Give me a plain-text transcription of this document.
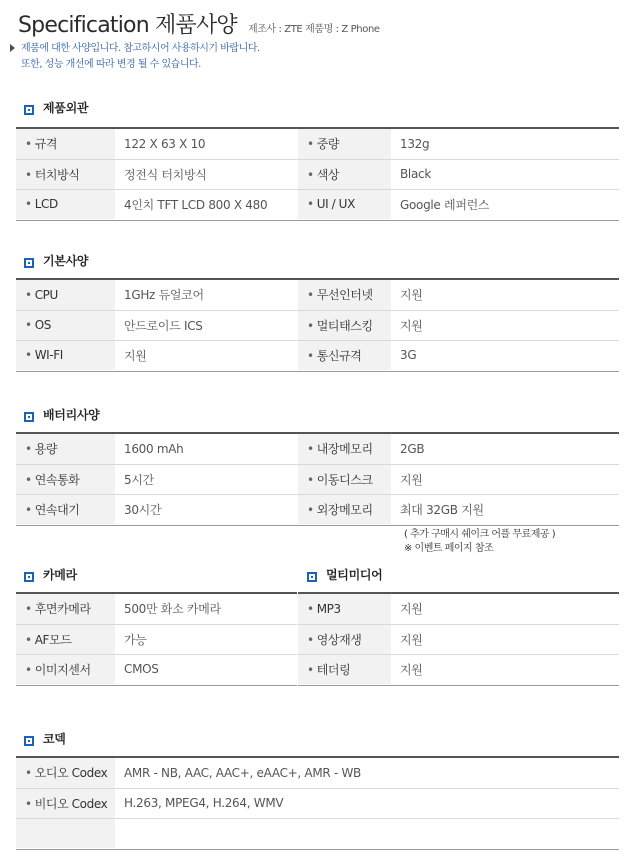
Specification 제품사양 제조사 : ZTE 제품명 : Z Phone
제품에 대한 사양입니다. 참고하시어 사용하시기 바랍니다.
또한, 성능 개선에 따라 변경 될 수 있습니다.
제품외관
• 규격	122 X 63 X 10	• 중량	132g
• 터치방식	정전식 터치방식	• 색상	Black
• LCD	4인치 TFT LCD 800 X 480	• UI / UX	Google 레퍼런스
기본사양
• CPU	1GHz 듀얼코어	• 무선인터넷	지원
• OS	안드로이드 ICS	• 멀티태스킹	지원
• WI-FI	지원	• 통신규격	3G
배터리사양
• 용량	1600 mAh	• 내장메모리	2GB
• 연속통화	5시간	• 이동디스크	지원
• 연속대기	30시간	• 외장메모리	최대 32GB 지원
( 추가 구매시 쉐이크 어플 무료제공 )
※ 이벤트 페이지 참조
카메라
• 후면카메라	500만 화소 카메라
• AF모드	가능
• 이미지센서	CMOS
멀티미디어
• MP3	지원
• 영상재생	지원
• 테더링	지원
코덱
• 오디오 Codex	AMR - NB, AAC, AAC+, eAAC+, AMR - WB
• 비디오 Codex	H.263, MPEG4, H.264, WMV
